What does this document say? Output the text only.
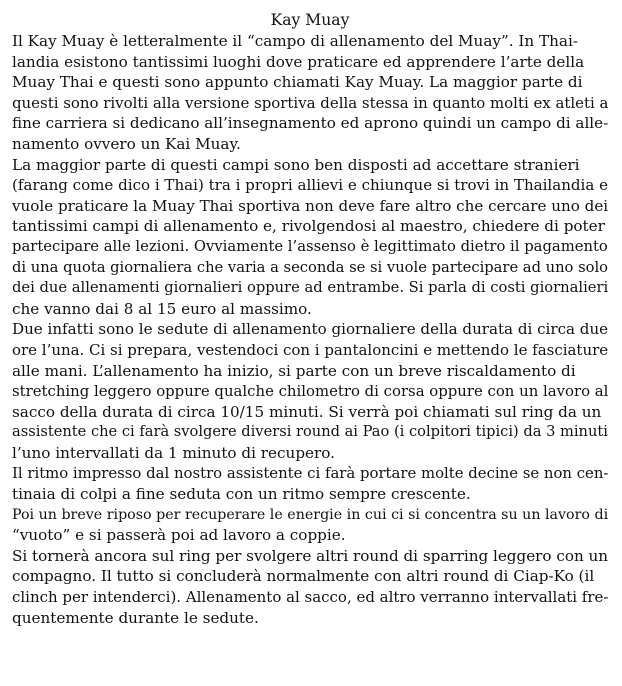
Kay Muay
Il Kay Muay è letteralmente il “campo di allenamento del Muay”. In Thai-
landia esistono tantissimi luoghi dove praticare ed apprendere l’arte della
Muay Thai e questi sono appunto chiamati Kay Muay. La maggior parte di
questi sono rivolti alla versione sportiva della stessa in quanto molti ex atleti a
fine carriera si dedicano all’insegnamento ed aprono quindi un campo di alle-
namento ovvero un Kai Muay.
La maggior parte di questi campi sono ben disposti ad accettare stranieri
(farang come dico i Thai) tra i propri allievi e chiunque si trovi in Thailandia e
vuole praticare la Muay Thai sportiva non deve fare altro che cercare uno dei
tantissimi campi di allenamento e, rivolgendosi al maestro, chiedere di poter
partecipare alle lezioni. Ovviamente l’assenso è legittimato dietro il pagamento
di una quota giornaliera che varia a seconda se si vuole partecipare ad uno solo
dei due allenamenti giornalieri oppure ad entrambe. Si parla di costi giornalieri
che vanno dai 8 al 15 euro al massimo.
Due infatti sono le sedute di allenamento giornaliere della durata di circa due
ore l’una. Ci si prepara, vestendoci con i pantaloncini e mettendo le fasciature
alle mani. L’allenamento ha inizio, si parte con un breve riscaldamento di
stretching leggero oppure qualche chilometro di corsa oppure con un lavoro al
sacco della durata di circa 10/15 minuti. Si verrà poi chiamati sul ring da un
assistente che ci farà svolgere diversi round ai Pao (i colpitori tipici) da 3 minuti
l’uno intervallati da 1 minuto di recupero.
Il ritmo impresso dal nostro assistente ci farà portare molte decine se non cen-
tinaia di colpi a fine seduta con un ritmo sempre crescente.
Poi un breve riposo per recuperare le energie in cui ci si concentra su un lavoro di
“vuoto” e si passerà poi ad lavoro a coppie.
Si tornerà ancora sul ring per svolgere altri round di sparring leggero con un
compagno. Il tutto si concluderà normalmente con altri round di Ciap-Ko (il
clinch per intenderci). Allenamento al sacco, ed altro verranno intervallati fre-
quentemente durante le sedute.
